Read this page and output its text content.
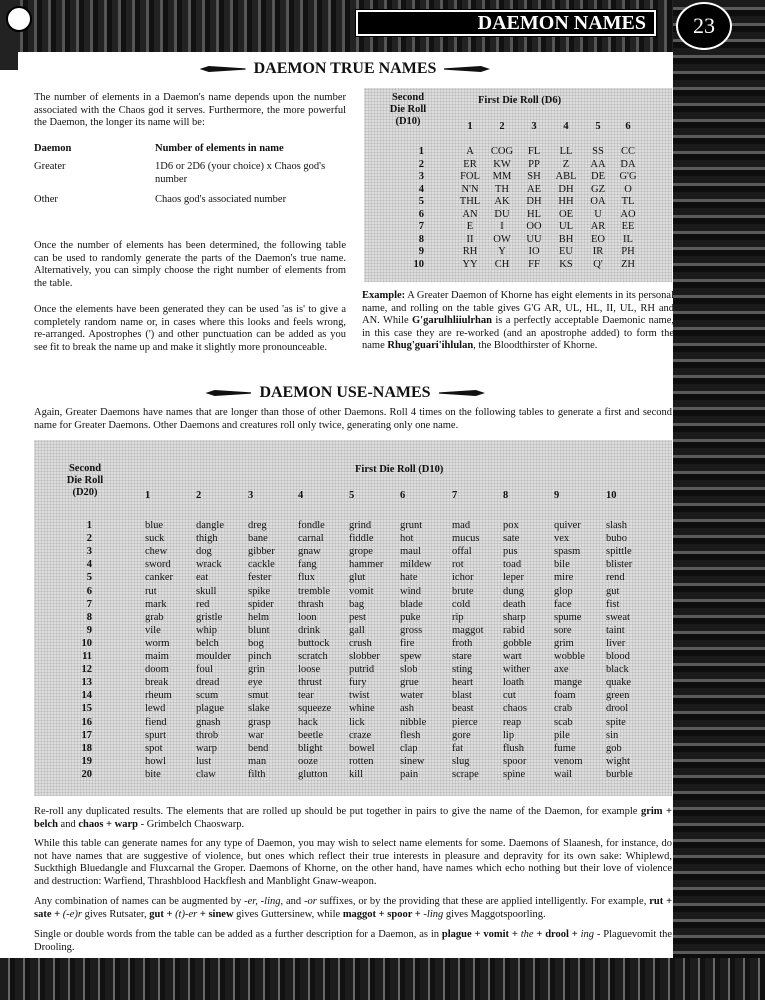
DAEMON NAMES	23
DAEMON TRUE NAMES

The number of elements in a Daemon's name depends upon the number associated with the Chaos god it serves. Furthermore, the more powerful the Daemon, the longer its name will be:

Daemon	Number of elements in name
Greater	1D6 or 2D6 (your choice) x Chaos god's number
Other	Chaos god's associated number

Once the number of elements has been determined, the following table can be used to randomly generate the parts of the Daemon's true name. Alternatively, you can simply choose the right number of elements from the table.

Once the elements have been generated they can be used 'as is' to give a completely random name or, in cases where this looks and feels wrong, re-arranged. Apostrophes (') and other punctuation can be added as you see fit to break the name up and make it slightly more pronounceable.

Second
Die Roll
(D10)
First Die Roll (D6)
1	2	3	4	5	6
1	A	COG	FL	LL	SS	CC
2	ER	KW	PP	Z	AA	DA
3	FOL	MM	SH	ABL	DE	G'G
4	N'N	TH	AE	DH	GZ	O
5	THL	AK	DH	HH	OA	TL
6	AN	DU	HL	OE	U	AO
7	E	I	OO	UL	AR	EE
8	II	OW	UU	BH	EO	IL
9	RH	Y	IO	EU	IR	PH
10	YY	CH	FF	KS	Q'	ZH

Example: A Greater Daemon of Khorne has eight elements in its personal name, and rolling on the table gives G'G AR, UL, HL, II, UL, RH and AN. While G'garulhliiulrhan is a perfectly acceptable Daemonic name, in this case they are re-worked (and an apostrophe added) to form the name Rhug'guari'ihlulan, the Bloodthirster of Khorne.

DAEMON USE-NAMES

Again, Greater Daemons have names that are longer than those of other Daemons. Roll 4 times on the following tables to generate a first and second name for Greater Daemons. Other Daemons and creatures roll only twice, generating only one name.

Second
Die Roll
(D20)
First Die Roll (D10)
1	2	3	4	5	6	7	8	9	10
1	blue	dangle	dreg	fondle	grind	grunt	mad	pox	quiver	slash
2	suck	thigh	bane	carnal	fiddle	hot	mucus	sate	vex	bubo
3	chew	dog	gibber	gnaw	grope	maul	offal	pus	spasm	spittle
4	sword	wrack	cackle	fang	hammer	mildew	rot	toad	bile	blister
5	canker	eat	fester	flux	glut	hate	ichor	leper	mire	rend
6	rut	skull	spike	tremble	vomit	wind	brute	dung	glop	gut
7	mark	red	spider	thrash	bag	blade	cold	death	face	fist
8	grab	gristle	helm	loon	pest	puke	rip	sharp	spume	sweat
9	vile	whip	blunt	drink	gall	gross	maggot	rabid	sore	taint
10	worm	belch	bog	buttock	crush	fire	froth	gobble	grim	liver
11	maim	moulder	pinch	scratch	slobber	spew	stare	wart	wobble	blood
12	doom	foul	grin	loose	putrid	slob	sting	wither	axe	black
13	break	dread	eye	thrust	fury	grue	heart	loath	mange	quake
14	rheum	scum	smut	tear	twist	water	blast	cut	foam	green
15	lewd	plague	slake	squeeze	whine	ash	beast	chaos	crab	drool
16	fiend	gnash	grasp	hack	lick	nibble	pierce	reap	scab	spite
17	spurt	throb	war	beetle	craze	flesh	gore	lip	pile	sin
18	spot	warp	bend	blight	bowel	clap	fat	flush	fume	gob
19	howl	lust	man	ooze	rotten	sinew	slug	spoor	venom	wight
20	bite	claw	filth	glutton	kill	pain	scrape	spine	wail	burble

Re-roll any duplicated results. The elements that are rolled up should be put together in pairs to give the name of the Daemon, for example grim + belch and chaos + warp - Grimbelch Chaoswarp.

While this table can generate names for any type of Daemon, you may wish to select name elements for some. Daemons of Slaanesh, for instance, do not have names that are suggestive of violence, but ones which reflect their true interests in pleasure and depravity for its own sake: Whiplewd, Suckthigh Bluedangle and Fluxcarnal the Groper. Daemons of Khorne, on the other hand, have names which echo nothing but their love of violence and destruction: Warfiend, Thrashblood Hackflesh and Manblight Gnaw-weapon.

Any combination of names can be augmented by -er, -ling, and -or suffixes, or by the providing that these are applied intelligently. For example, rut + sate + (-e)r gives Rutsater, gut + (t)-er + sinew gives Guttersinew, while maggot + spoor + -ling gives Maggotspoorling.

Single or double words from the table can be added as a further description for a Daemon, as in plague + vomit + the + drool + ing - Plaguevomit the Drooling.
